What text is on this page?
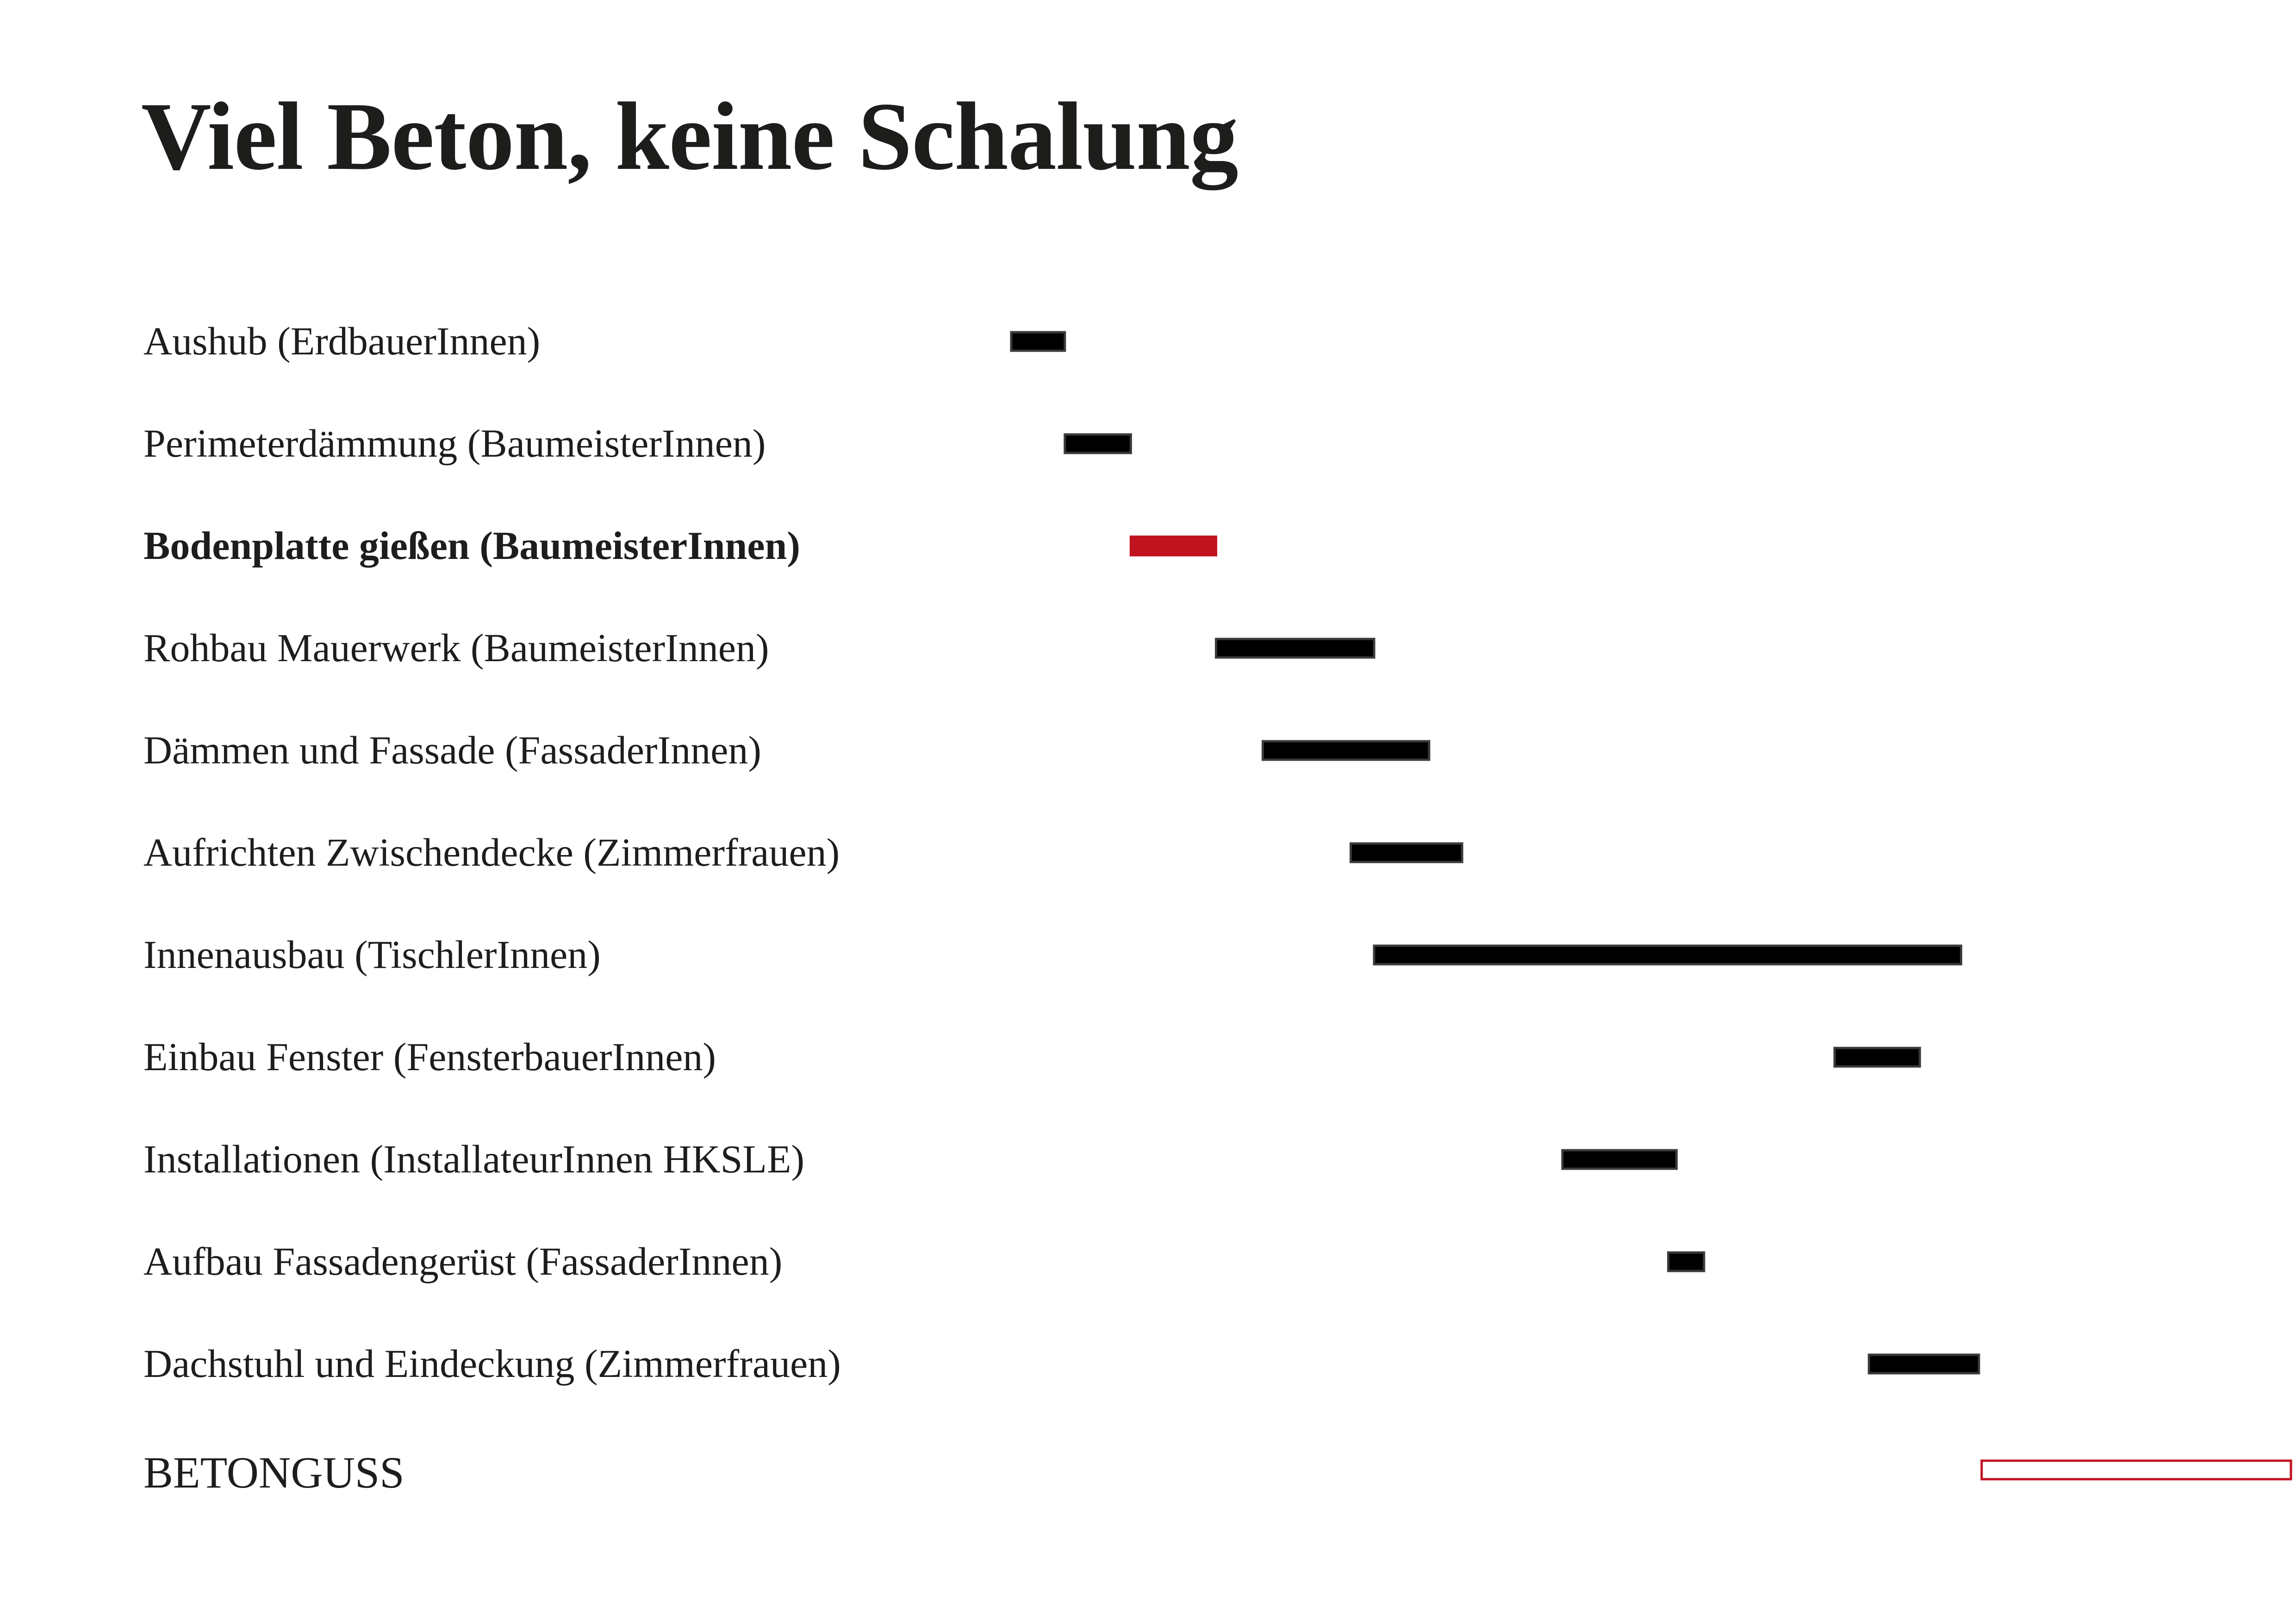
Viel Beton, keine Schalung
Aushub (ErdbauerInnen)
Perimeterdämmung (BaumeisterInnen)
Bodenplatte gießen (BaumeisterInnen)
Rohbau Mauerwerk (BaumeisterInnen)
Dämmen und Fassade (FassaderInnen)
Aufrichten Zwischendecke (Zimmerfrauen)
Innenausbau (TischlerInnen)
Einbau Fenster (FensterbauerInnen)
Installationen (InstallateurInnen HKSLE)
Aufbau Fassadengerüst (FassaderInnen)
Dachstuhl und Eindeckung (Zimmerfrauen)
BETONGUSS
